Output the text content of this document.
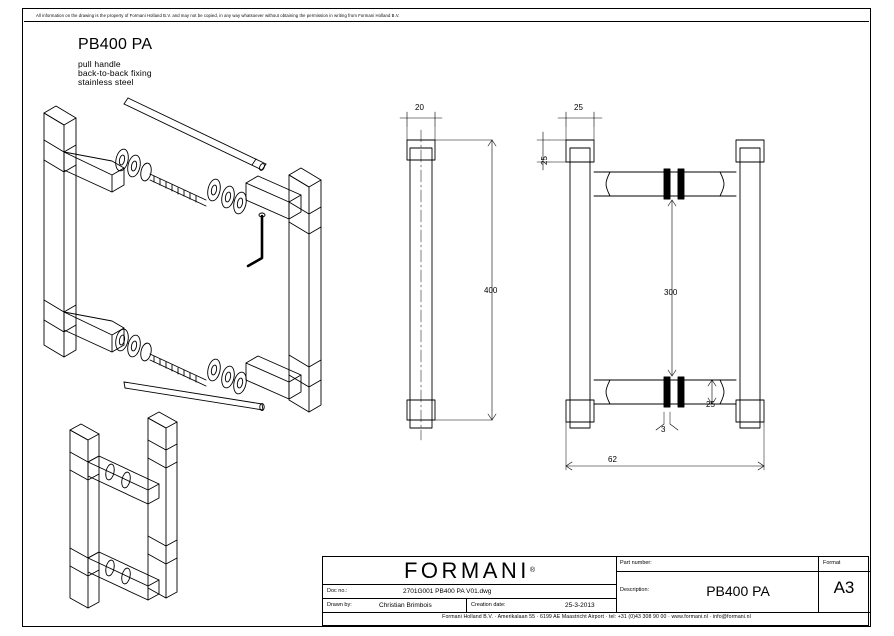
All information on the drawing is the property of Formani Holland B.V. and may not be copied, in any way whatsoever without obtaining the permission in writing from Formani Holland B.V.
PB400 PA
pull handle
back-to-back fixing
stainless steel
20	25
25
400	300
25
3
62
FORMANI ®
Doc no.:	2701G001 PB400 PA V01.dwg
Drawn by:	Christian Brimbois	Creation date:	25-3-2013
Part number:
Description:	PB400 PA
Format
A3
Formani Holland B.V. · Amerikalaan 55 · 6199 AE Maastricht Airport · tel: +31 (0)43 308 90 00 · www.formani.nl · info@formani.nl
